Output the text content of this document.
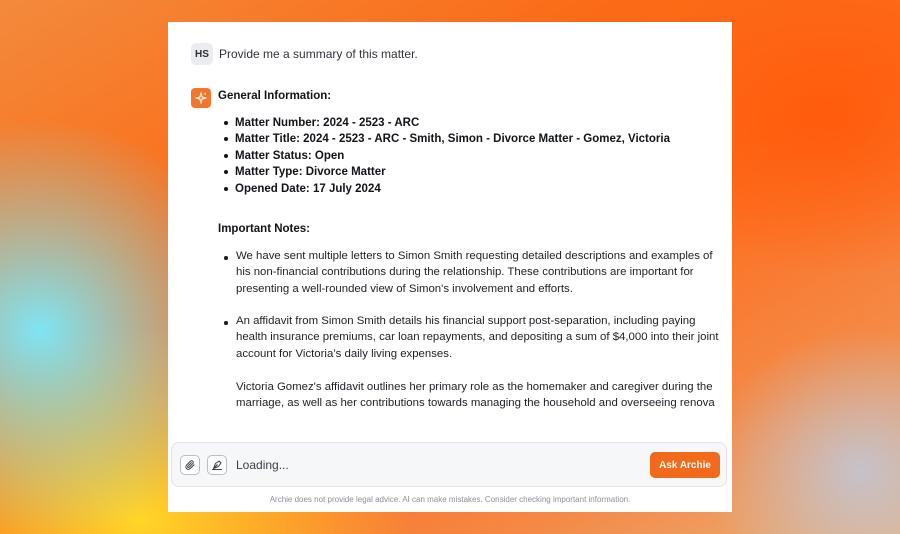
HS Provide me a summary of this matter.
General Information:
Matter Number: 2024 - 2523 - ARC
Matter Title: 2024 - 2523 - ARC - Smith, Simon - Divorce Matter - Gomez, Victoria
Matter Status: Open
Matter Type: Divorce Matter
Opened Date: 17 July 2024
Important Notes:

We have sent multiple letters to Simon Smith requesting detailed descriptions and examples of his non-financial contributions during the relationship. These contributions are important for presenting a well-rounded view of Simon's involvement and efforts.

An affidavit from Simon Smith details his financial support post-separation, including paying health insurance premiums, car loan repayments, and depositing a sum of $4,000 into their joint account for Victoria’s daily living expenses.

Victoria Gomez's affidavit outlines her primary role as the homemaker and caregiver during the marriage, as well as her contributions towards managing the household and overseeing renova

Loading...
Ask Archie
Archie does not provide legal advice. AI can make mistakes. Consider checking important information.
